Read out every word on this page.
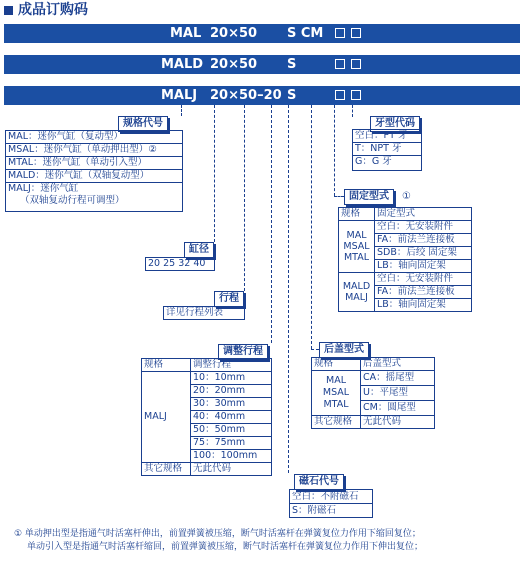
成品订购码
MAL 20×50 S CM
MALD 20×50 S
MALJ 20×50–20 S
规格代号
MAL：迷你气缸（复动型）
MSAL：迷你气缸（单动押出型）②
MTAL：迷你气缸（单动引入型）
MALD：迷你气缸（双轴复动型）
MALJ：迷你气缸
（双轴复动行程可调型）
缸径
20 25 32 40
行程
详见行程列表
调整行程
规格	调整行程
MALJ	10：10mm
	20：20mm
	30：30mm
	40：40mm
	50：50mm
	75：75mm
	100：100mm
其它规格	无此代码
牙型代码
空白：PT 牙
T：NPT 牙
G：G 牙
固定型式	①
规格	固定型式

MAL
MSAL
MTAL	空白：无安装附件
	FA：前法兰连接板
	SDB：后绞 固定架
	LB：轴向固定架

MALD
MALJ	空白：无安装附件
	FA：前法兰连接板
	LB：轴向固定架
后盖型式
规格	后盖型式

MAL
MSAL
MTAL	CA：摇尾型
	U：平尾型
	CM：圆尾型
其它规格	无此代码
磁石代号
空白：不附磁石
S：附磁石
① 单动押出型是指通气时活塞杆伸出，前置弹簧被压缩，断气时活塞杆在弹簧复位力作用下缩回复位；
单动引入型是指通气时活塞杆缩回，前置弹簧被压缩，断气时活塞杆在弹簧复位力作用下伸出复位；
